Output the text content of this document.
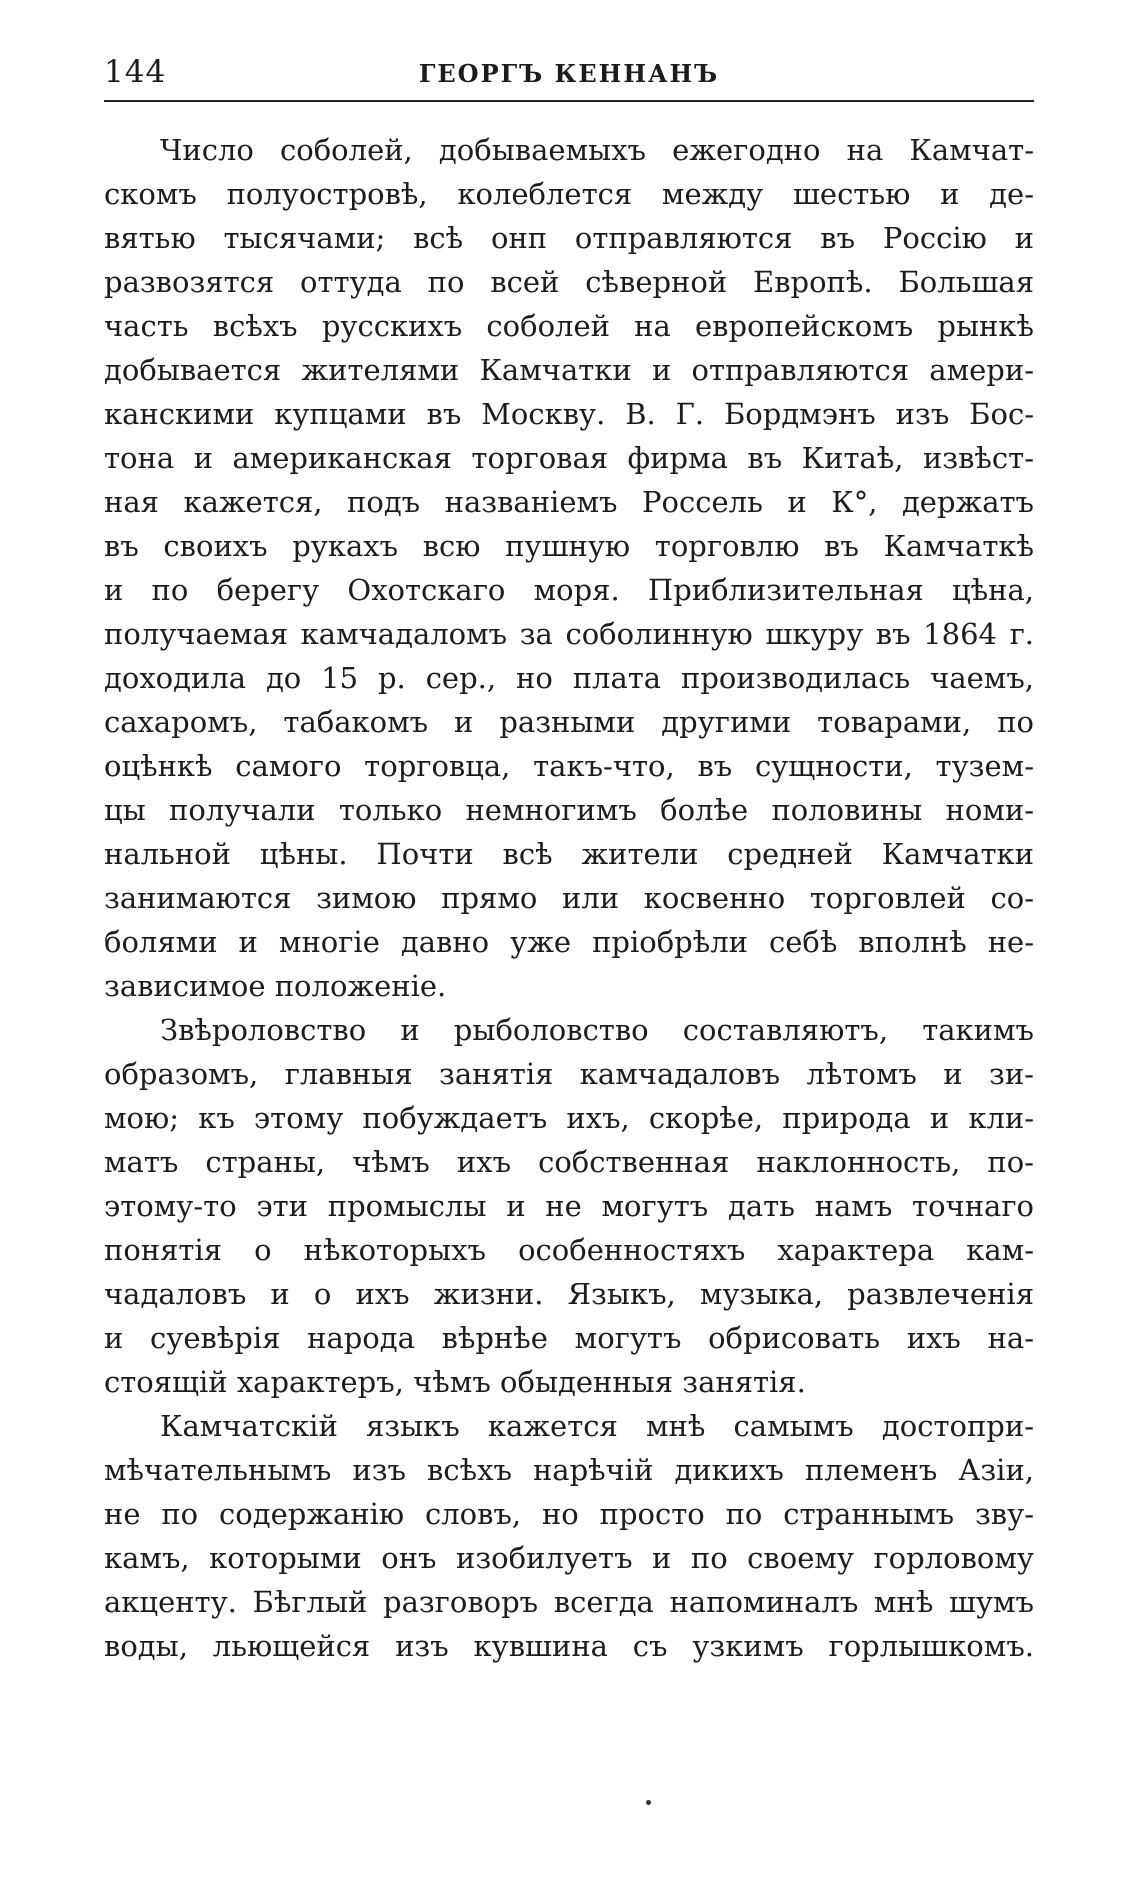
144	ГЕОРГЪ КЕННАНЪ

Число соболей, добываемыхъ ежегодно на Камчат-
скомъ полуостровѣ, колеблется между шестью и де-
вятью тысячами; всѣ онп отправляются въ Россію и
развозятся оттуда по всей сѣверной Европѣ. Большая
часть всѣхъ русскихъ соболей на европейскомъ рынкѣ
добывается жителями Камчатки и отправляются амери-
канскими купцами въ Москву. В. Г. Бордмэнъ изъ Бос-
тона и американская торговая фирма въ Китаѣ, извѣст-
ная кажется, подъ названіемъ Россель и К°, держатъ
въ своихъ рукахъ всю пушную торговлю въ Камчаткѣ
и по берегу Охотскаго моря. Приблизительная цѣна,
получаемая камчадаломъ за соболинную шкуру въ 1864 г.
доходила до 15 р. сер., но плата производилась чаемъ,
сахаромъ, табакомъ и разными другими товарами, по
оцѣнкѣ самого торговца, такъ-что, въ сущности, тузем-
цы получали только немногимъ болѣе половины номи-
нальной цѣны. Почти всѣ жители средней Камчатки
занимаются зимою прямо или косвенно торговлей со-
болями и многіе давно уже пріобрѣли себѣ вполнѣ не-
зависимое положеніе.

Звѣроловство и рыболовство составляютъ, такимъ
образомъ, главныя занятія камчадаловъ лѣтомъ и зи-
мою; къ этому побуждаетъ ихъ, скорѣе, природа и кли-
матъ страны, чѣмъ ихъ собственная наклонность, по-
этому-то эти промыслы и не могутъ дать намъ точнаго
понятія о нѣкоторыхъ особенностяхъ характера кам-
чадаловъ и о ихъ жизни. Языкъ, музыка, развлеченія
и суевѣрія народа вѣрнѣе могутъ обрисовать ихъ на-
стоящій характеръ, чѣмъ обыденныя занятія.

Камчатскій языкъ кажется мнѣ самымъ достопри-
мѣчательнымъ изъ всѣхъ нарѣчій дикихъ племенъ Азіи,
не по содержанію словъ, но просто по страннымъ зву-
камъ, которыми онъ изобилуетъ и по своему горловому
акценту. Бѣглый разговоръ всегда напоминалъ мнѣ шумъ
воды, льющейся изъ кувшина съ узкимъ горлышкомъ.
